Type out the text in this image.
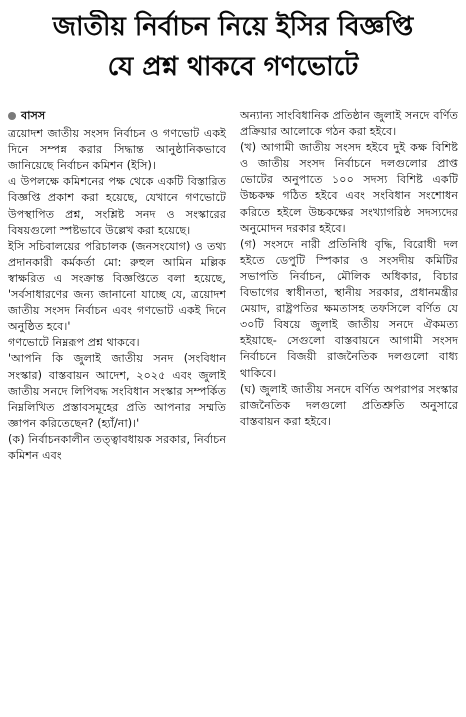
জাতীয় নির্বাচন নিয়ে ইসির বিজ্ঞপ্তি
যে প্রশ্ন থাকবে গণভোটে
বাসস

ত্রয়োদশ জাতীয় সংসদ নির্বাচন ও গণভোট একই দিনে সম্পন্ন করার সিদ্ধান্ত আনুষ্ঠানিকভাবে জানিয়েছে নির্বাচন কমিশন (ইসি)।

এ উপলক্ষে কমিশনের পক্ষ থেকে একটি বিস্তারিত বিজ্ঞপ্তি প্রকাশ করা হয়েছে, যেখানে গণভোটে উপস্থাপিত প্রশ্ন, সংশ্লিষ্ট সনদ ও সংস্কারের বিষয়গুলো স্পষ্টভাবে উল্লেখ করা হয়েছে।

ইসি সচিবালয়ের পরিচালক (জনসংযোগ) ও তথ্য প্রদানকারী কর্মকর্তা মো: রুহুল আমিন মল্লিক স্বাক্ষরিত এ সংক্রান্ত বিজ্ঞপ্তিতে বলা হয়েছে, 'সর্বসাধারণের জন্য জানানো যাচ্ছে যে, ত্রয়োদশ জাতীয় সংসদ নির্বাচন এবং গণভোট একই দিনে অনুষ্ঠিত হবে।'

গণভোটে নিম্নরূপ প্রশ্ন থাকবে।

'আপনি কি জুলাই জাতীয় সনদ (সংবিধান সংস্কার) বাস্তবায়ন আদেশ, ২০২৫ এবং জুলাই জাতীয় সনদে লিপিবদ্ধ সংবিধান সংস্কার সম্পর্কিত নিম্নলিখিত প্রস্তাবসমূহের প্রতি আপনার সম্মতি জ্ঞাপন করিতেছেন? (হ্যাঁ/না)।'

(ক) নির্বাচনকালীন তত্ত্বাবধায়ক সরকার, নির্বাচন কমিশন এবং

অন্যান্য সাংবিধানিক প্রতিষ্ঠান জুলাই সনদে বর্ণিত প্রক্রিয়ার আলোকে গঠন করা হইবে।

(খ) আগামী জাতীয় সংসদ হইবে দুই কক্ষ বিশিষ্ট ও জাতীয় সংসদ নির্বাচনে দলগুলোর প্রাপ্ত ভোটের অনুপাতে ১০০ সদস্য বিশিষ্ট একটি উচ্চকক্ষ গঠিত হইবে এবং সংবিধান সংশোধন করিতে হইলে উচ্চকক্ষের সংখ্যাগরিষ্ঠ সদস্যদের অনুমোদন দরকার হইবে।

(গ) সংসদে নারী প্রতিনিধি বৃদ্ধি, বিরোধী দল হইতে ডেপুটি স্পিকার ও সংসদীয় কমিটির সভাপতি নির্বাচন, মৌলিক অধিকার, বিচার বিভাগের স্বাধীনতা, স্থানীয় সরকার, প্রধানমন্ত্রীর মেয়াদ, রাষ্ট্রপতির ক্ষমতাসহ তফসিলে বর্ণিত যে ৩০টি বিষয়ে জুলাই জাতীয় সনদে ঐকমত্য হইয়াছে- সেগুলো বাস্তবায়নে আগামী সংসদ নির্বাচনে বিজয়ী রাজনৈতিক দলগুলো বাধ্য থাকিবে।

(ঘ) জুলাই জাতীয় সনদে বর্ণিত অপরাপর সংস্কার রাজনৈতিক দলগুলো প্রতিশ্রুতি অনুসারে বাস্তবায়ন করা হইবে।
